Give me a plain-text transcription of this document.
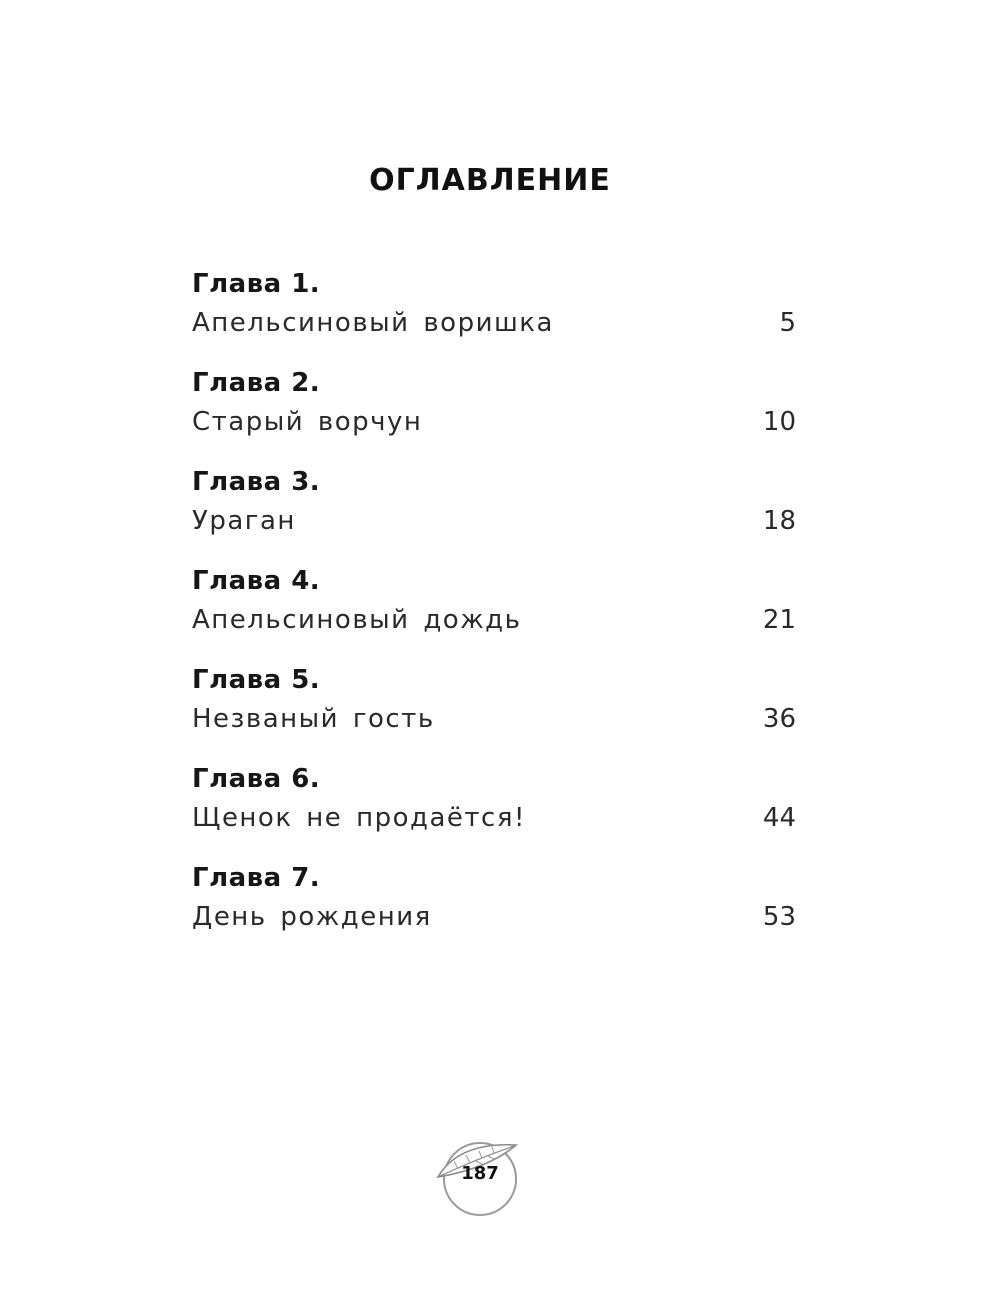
ОГЛАВЛЕНИЕ
Глава 1.
Апельсиновый воришка	5
Глава 2.
Старый ворчун	10
Глава 3.
Ураган	18
Глава 4.
Апельсиновый дождь	21
Глава 5.
Незваный гость	36
Глава 6.
Щенок не продаётся!	44
Глава 7.
День рождения	53
187
